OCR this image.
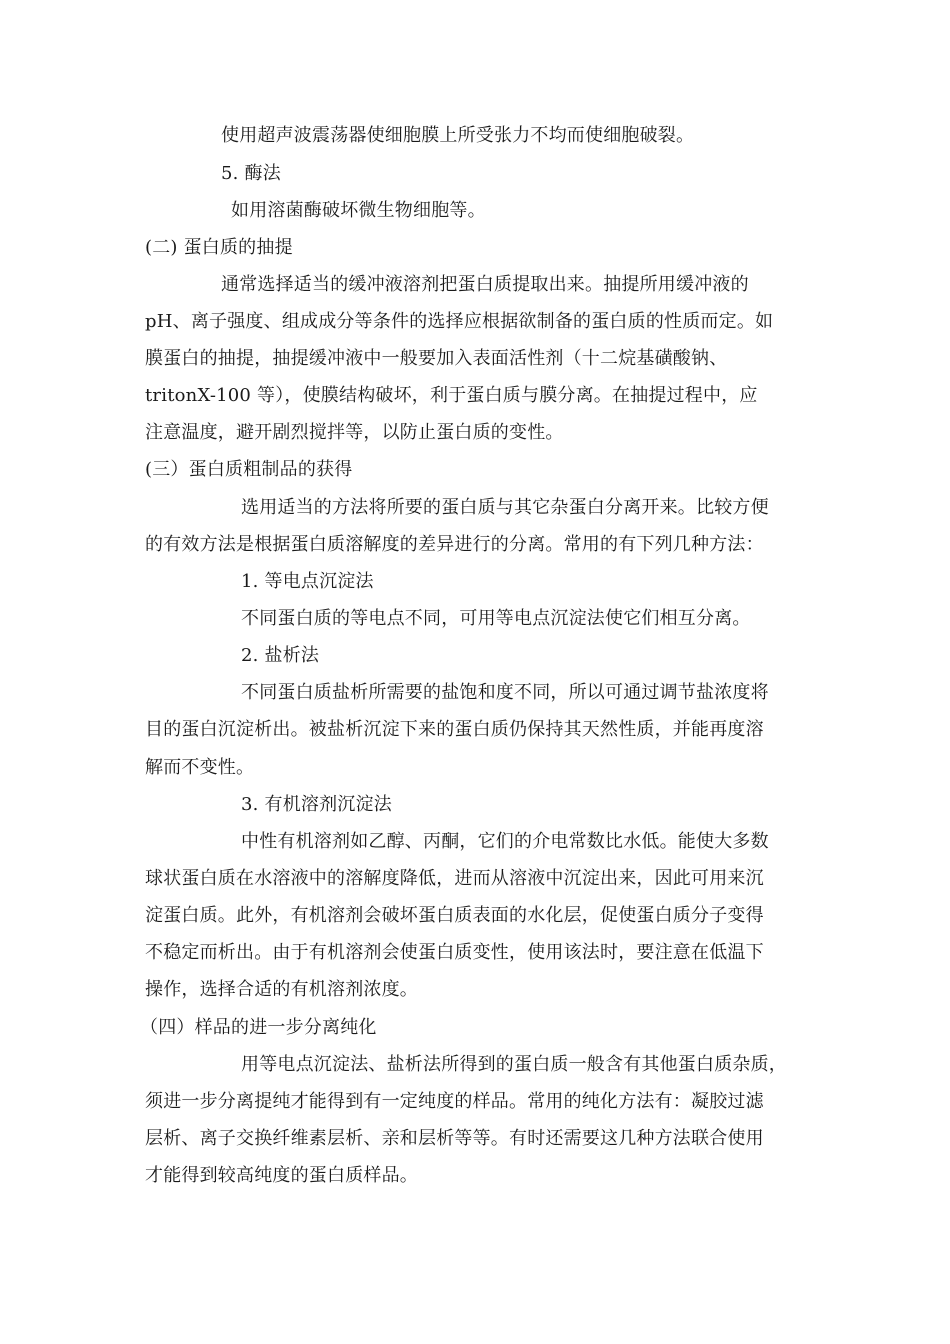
使用超声波震荡器使细胞膜上所受张力不均而使细胞破裂。
5. 酶法
如用溶菌酶破坏微生物细胞等。
(二) 蛋白质的抽提
通常选择适当的缓冲液溶剂把蛋白质提取出来。抽提所用缓冲液的
pH、离子强度、组成成分等条件的选择应根据欲制备的蛋白质的性质而定。如
膜蛋白的抽提，抽提缓冲液中一般要加入表面活性剂（十二烷基磺酸钠、
tritonX-100 等），使膜结构破坏，利于蛋白质与膜分离。在抽提过程中，应
注意温度，避开剧烈搅拌等，以防止蛋白质的变性。
(三）蛋白质粗制品的获得
选用适当的方法将所要的蛋白质与其它杂蛋白分离开来。比较方便
的有效方法是根据蛋白质溶解度的差异进行的分离。常用的有下列几种方法：
1. 等电点沉淀法
不同蛋白质的等电点不同，可用等电点沉淀法使它们相互分离。
2. 盐析法
不同蛋白质盐析所需要的盐饱和度不同，所以可通过调节盐浓度将
目的蛋白沉淀析出。被盐析沉淀下来的蛋白质仍保持其天然性质，并能再度溶
解而不变性。
3. 有机溶剂沉淀法
中性有机溶剂如乙醇、丙酮，它们的介电常数比水低。能使大多数
球状蛋白质在水溶液中的溶解度降低，进而从溶液中沉淀出来，因此可用来沉
淀蛋白质。此外，有机溶剂会破坏蛋白质表面的水化层，促使蛋白质分子变得
不稳定而析出。由于有机溶剂会使蛋白质变性，使用该法时，要注意在低温下
操作，选择合适的有机溶剂浓度。
（四）样品的进一步分离纯化
用等电点沉淀法、盐析法所得到的蛋白质一般含有其他蛋白质杂质，
须进一步分离提纯才能得到有一定纯度的样品。常用的纯化方法有：凝胶过滤
层析、离子交换纤维素层析、亲和层析等等。有时还需要这几种方法联合使用
才能得到较高纯度的蛋白质样品。
